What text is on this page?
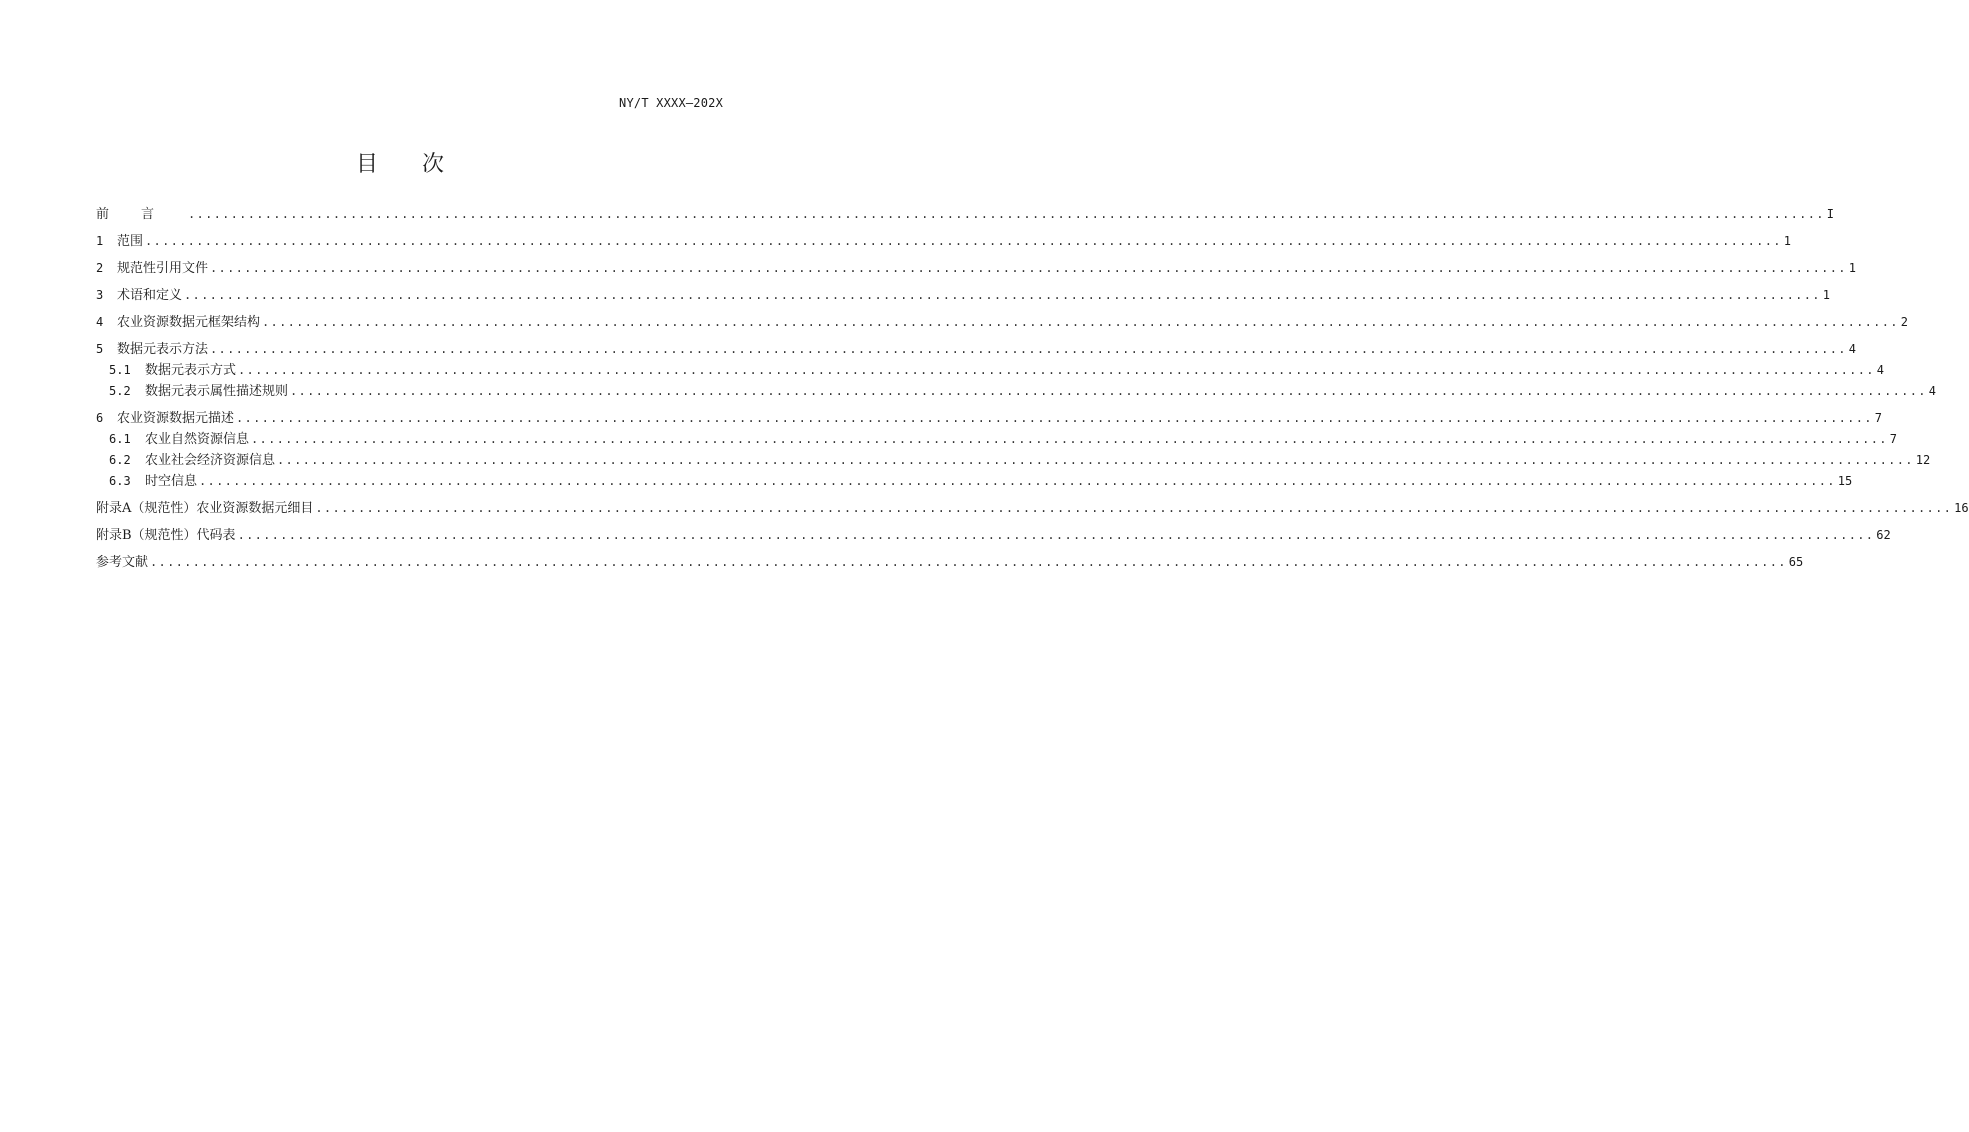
NY/T XXXX—202X
目 次
前言 ................................................................................................................................................................................................ I
1	范围 ................................................................................................................................................................................................ 1
2	规范性引用文件 ................................................................................................................................................................................................ 1
3	术语和定义 ................................................................................................................................................................................................ 1
4	农业资源数据元框架结构 ................................................................................................................................................................................................ 2
5	数据元表示方法 ................................................................................................................................................................................................ 4
5.1	数据元表示方式 ................................................................................................................................................................................................ 4
5.2	数据元表示属性描述规则 ................................................................................................................................................................................................ 4
6	农业资源数据元描述 ................................................................................................................................................................................................ 7
6.1	农业自然资源信息 ................................................................................................................................................................................................ 7
6.2	农业社会经济资源信息 ................................................................................................................................................................................................ 12
6.3	时空信息 ................................................................................................................................................................................................ 15
附录A（规范性）农业资源数据元细目 ................................................................................................................................................................................................ 16
附录B（规范性）代码表 ................................................................................................................................................................................................ 62
参考文献 ................................................................................................................................................................................................ 65
